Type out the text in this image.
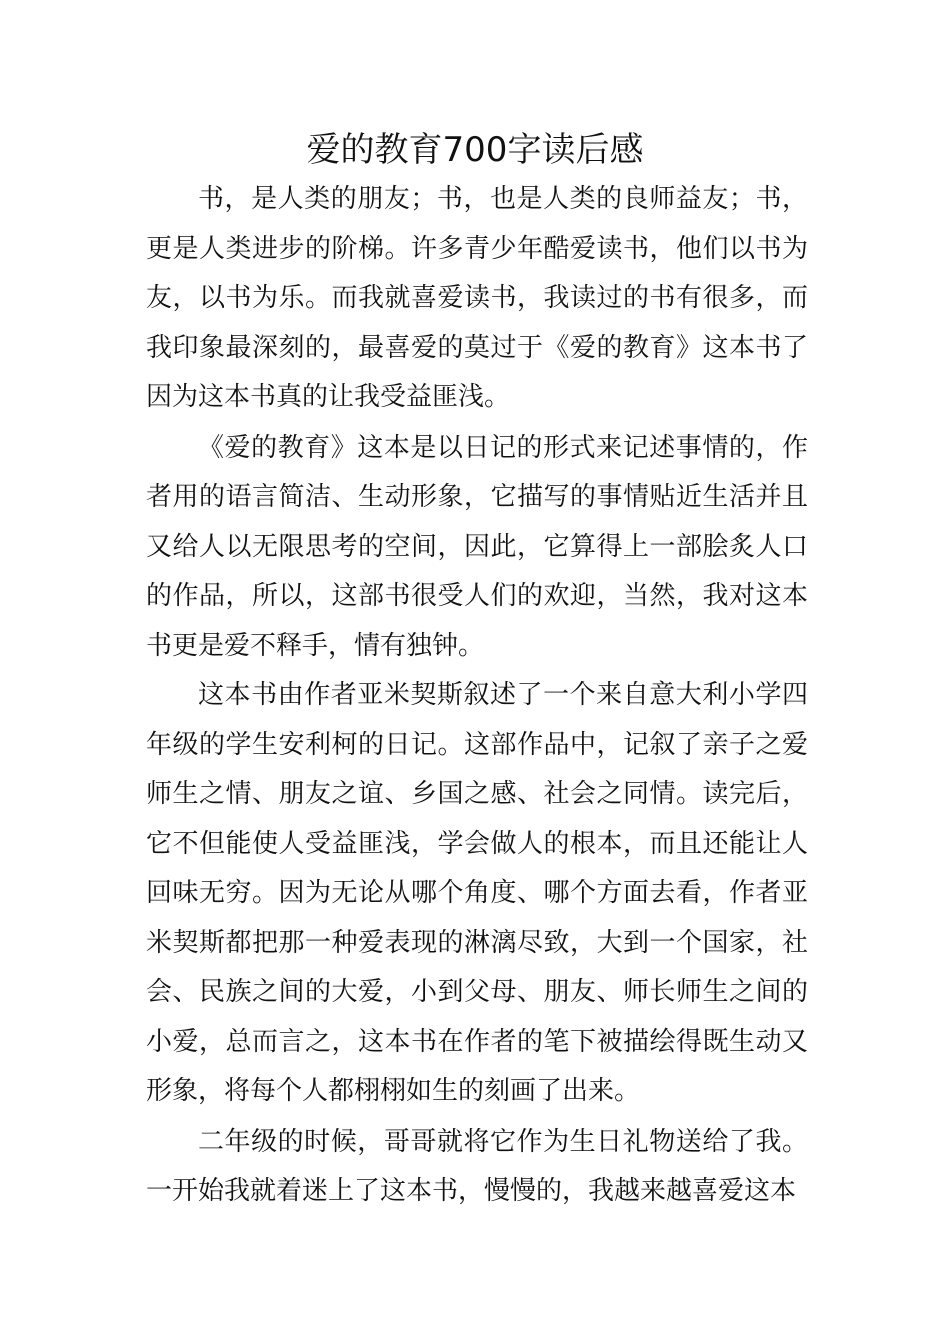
爱的教育700字读后感

书，是人类的朋友；书，也是人类的良师益友；书，更是人类进步的阶梯。许多青少年酷爱读书，他们以书为友，以书为乐。而我就喜爱读书，我读过的书有很多，而我印象最深刻的，最喜爱的莫过于《爱的教育》这本书了因为这本书真的让我受益匪浅。

《爱的教育》这本是以日记的形式来记述事情的，作者用的语言简洁、生动形象，它描写的事情贴近生活并且又给人以无限思考的空间，因此，它算得上一部脍炙人口的作品，所以，这部书很受人们的欢迎，当然，我对这本书更是爱不释手，情有独钟。

这本书由作者亚米契斯叙述了一个来自意大利小学四年级的学生安利柯的日记。这部作品中，记叙了亲子之爱师生之情、朋友之谊、乡国之感、社会之同情。读完后，它不但能使人受益匪浅，学会做人的根本，而且还能让人回味无穷。因为无论从哪个角度、哪个方面去看，作者亚米契斯都把那一种爱表现的淋漓尽致，大到一个国家，社会、民族之间的大爱，小到父母、朋友、师长师生之间的小爱，总而言之，这本书在作者的笔下被描绘得既生动又形象，将每个人都栩栩如生的刻画了出来。

二年级的时候，哥哥就将它作为生日礼物送给了我。一开始我就着迷上了这本书，慢慢的，我越来越喜爱这本
